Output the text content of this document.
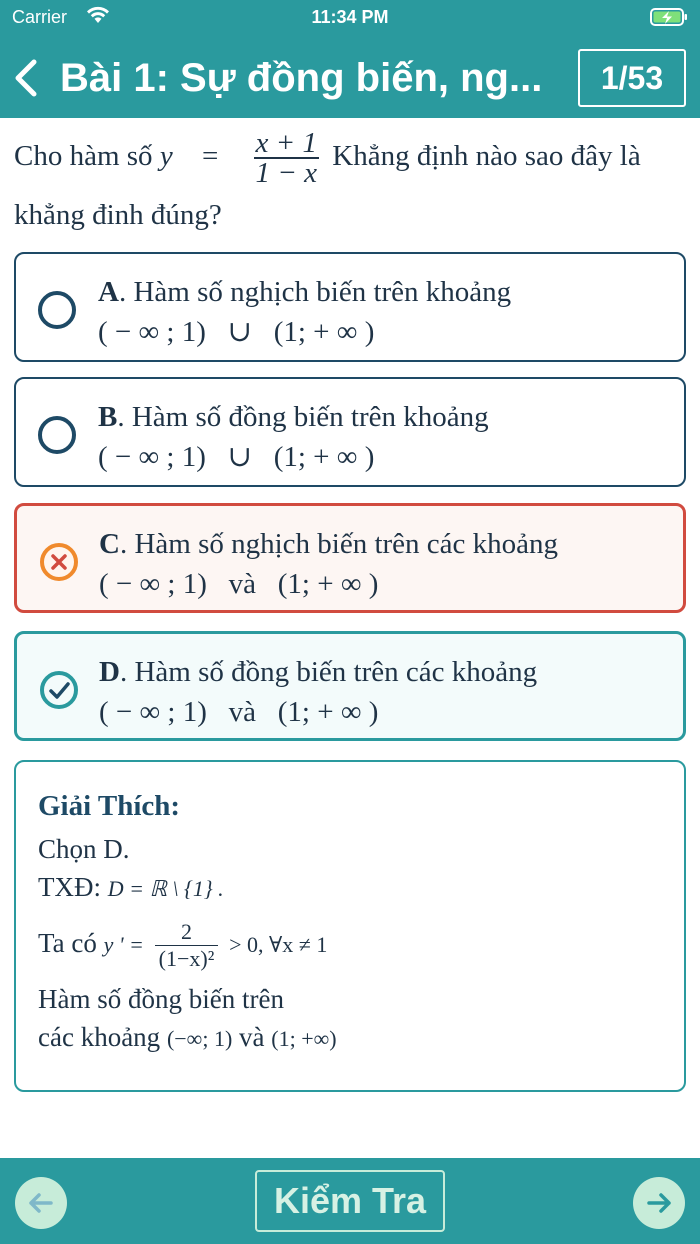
Carrier	11:34 PM
Bài 1: Sự đồng biến, ng...	1/53
Cho hàm số $y = \frac{x + 1}{1 - x}$ Khẳng định nào sao đây là khẳng đinh đúng?
A. Hàm số nghịch biến trên khoảng
( − ∞ ; 1)   ∪   (1; + ∞ )
B. Hàm số đồng biến trên khoảng
( − ∞ ; 1)   ∪   (1; + ∞ )
C. Hàm số nghịch biến trên các khoảng
( − ∞ ; 1)   và   (1; + ∞ )
D. Hàm số đồng biến trên các khoảng
( − ∞ ; 1)   và   (1; + ∞ )
Giải Thích:
Chọn D.
TXĐ: D = ℝ \ {1} .
Ta có y ' = $\frac{2}{\text{(1−x)²}} > 0$, ∀x ≠ 1
Hàm số đồng biến trên
các khoảng (−∞; 1) và (1; +∞)
Kiểm Tra
